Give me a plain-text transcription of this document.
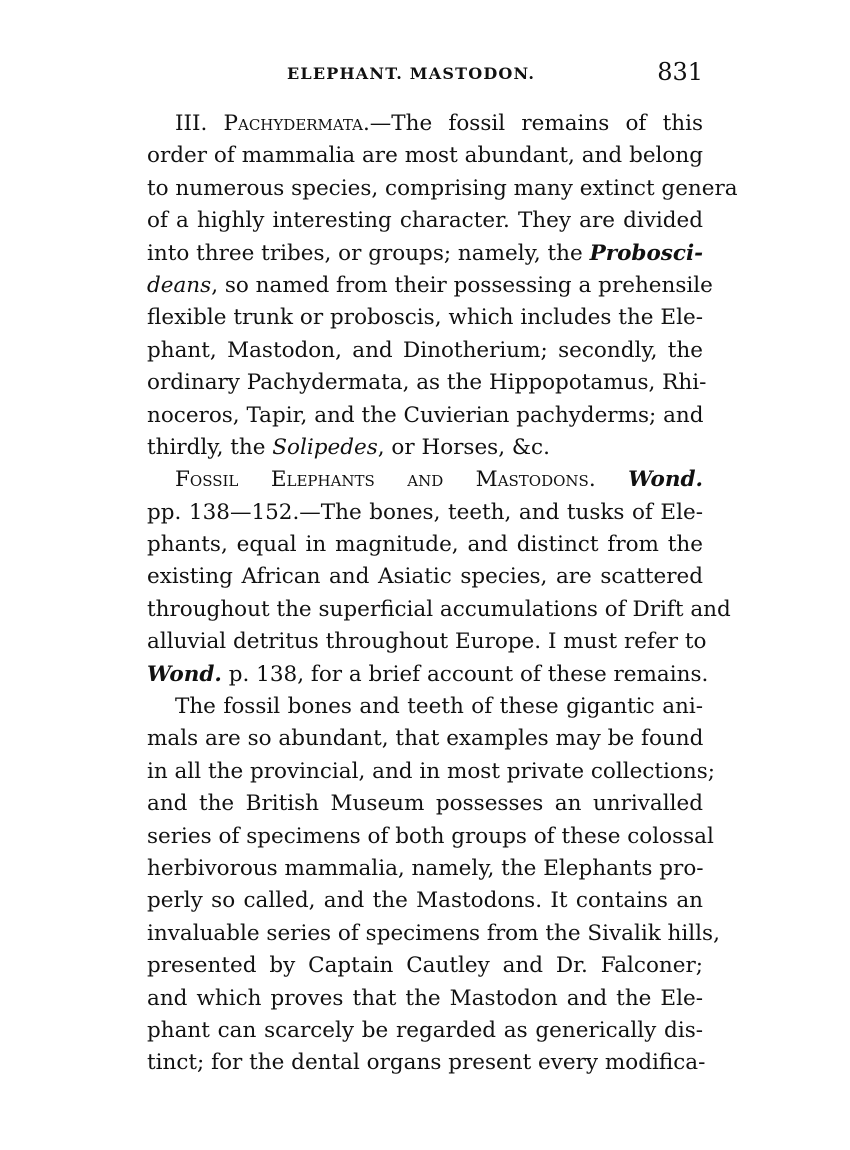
ELEPHANT. MASTODON.	831
III. Pachydermata.—The fossil remains of this
order of mammalia are most abundant, and belong
to numerous species, comprising many extinct genera
of a highly interesting character. They are divided
into three tribes, or groups; namely, the Probosci-
deans, so named from their possessing a prehensile
flexible trunk or proboscis, which includes the Ele-
phant, Mastodon, and Dinotherium; secondly, the
ordinary Pachydermata, as the Hippopotamus, Rhi-
noceros, Tapir, and the Cuvierian pachyderms; and
thirdly, the Solipedes, or Horses, &c.
Fossil Elephants and Mastodons. Wond.
pp. 138—152.—The bones, teeth, and tusks of Ele-
phants, equal in magnitude, and distinct from the
existing African and Asiatic species, are scattered
throughout the superficial accumulations of Drift and
alluvial detritus throughout Europe. I must refer to
Wond. p. 138, for a brief account of these remains.
The fossil bones and teeth of these gigantic ani-
mals are so abundant, that examples may be found
in all the provincial, and in most private collections;
and the British Museum possesses an unrivalled
series of specimens of both groups of these colossal
herbivorous mammalia, namely, the Elephants pro-
perly so called, and the Mastodons. It contains an
invaluable series of specimens from the Sivalik hills,
presented by Captain Cautley and Dr. Falconer;
and which proves that the Mastodon and the Ele-
phant can scarcely be regarded as generically dis-
tinct; for the dental organs present every modifica-
